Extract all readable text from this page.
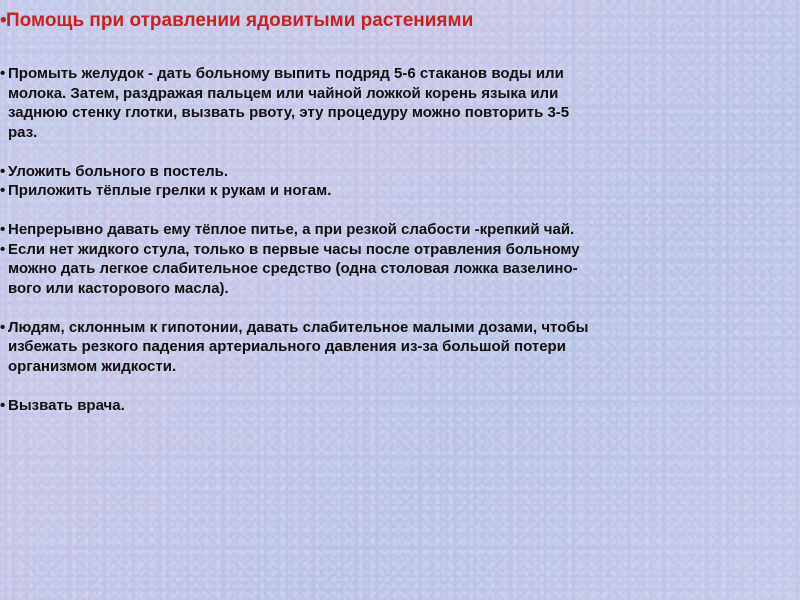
•Помощь при отравлении ядовитыми растениями
• Промыть желудок - дать больному выпить подряд 5-6 стаканов воды или
молока. Затем, раздражая пальцем или чайной ложкой корень языка или
заднюю стенку глотки, вызвать рвоту, эту процедуру можно повторить 3-5
раз.
• Уложить больного в постель.
• Приложить тёплые грелки к рукам и ногам.
• Непрерывно давать ему тёплое питье, а при резкой слабости -крепкий чай.
• Если нет жидкого стула, только в первые часы после отравления больному
можно дать легкое слабительное средство (одна столовая ложка вазелино-
вого или касторового масла).
• Людям, склонным к гипотонии, давать слабительное малыми дозами, чтобы
избежать резкого падения артериального давления из-за большой потери
организмом жидкости.
• Вызвать врача.
